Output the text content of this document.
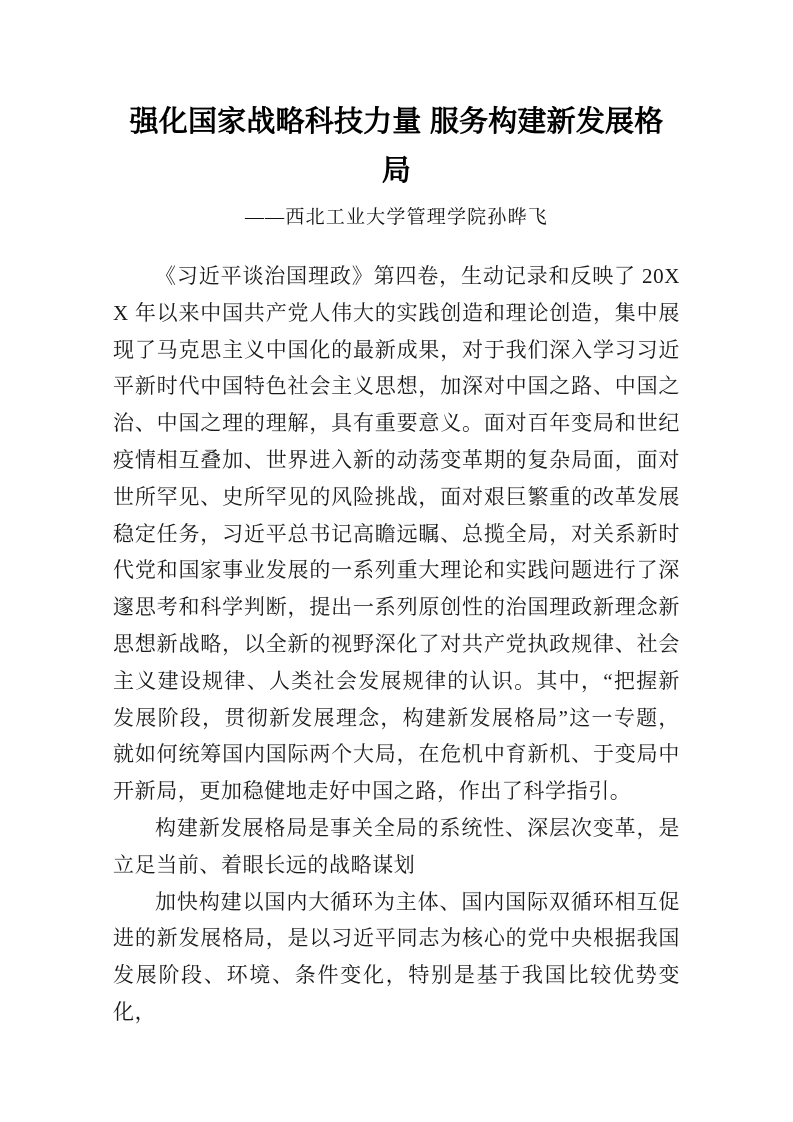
强化国家战略科技力量 服务构建新发展格
局

——西北工业大学管理学院孙晔飞

《习近平谈治国理政》第四卷，生动记录和反映了 20XX 年以来中国共产党人伟大的实践创造和理论创造，集中展现了马克思主义中国化的最新成果，对于我们深入学习习近平新时代中国特色社会主义思想，加深对中国之路、中国之治、中国之理的理解，具有重要意义。面对百年变局和世纪疫情相互叠加、世界进入新的动荡变革期的复杂局面，面对世所罕见、史所罕见的风险挑战，面对艰巨繁重的改革发展稳定任务，习近平总书记高瞻远瞩、总揽全局，对关系新时代党和国家事业发展的一系列重大理论和实践问题进行了深邃思考和科学判断，提出一系列原创性的治国理政新理念新思想新战略，以全新的视野深化了对共产党执政规律、社会主义建设规律、人类社会发展规律的认识。其中，“把握新发展阶段，贯彻新发展理念，构建新发展格局”这一专题，就如何统筹国内国际两个大局，在危机中育新机、于变局中开新局，更加稳健地走好中国之路，作出了科学指引。

构建新发展格局是事关全局的系统性、深层次变革，是立足当前、着眼长远的战略谋划

加快构建以国内大循环为主体、国内国际双循环相互促进的新发展格局，是以习近平同志为核心的党中央根据我国发展阶段、环境、条件变化，特别是基于我国比较优势变化，
